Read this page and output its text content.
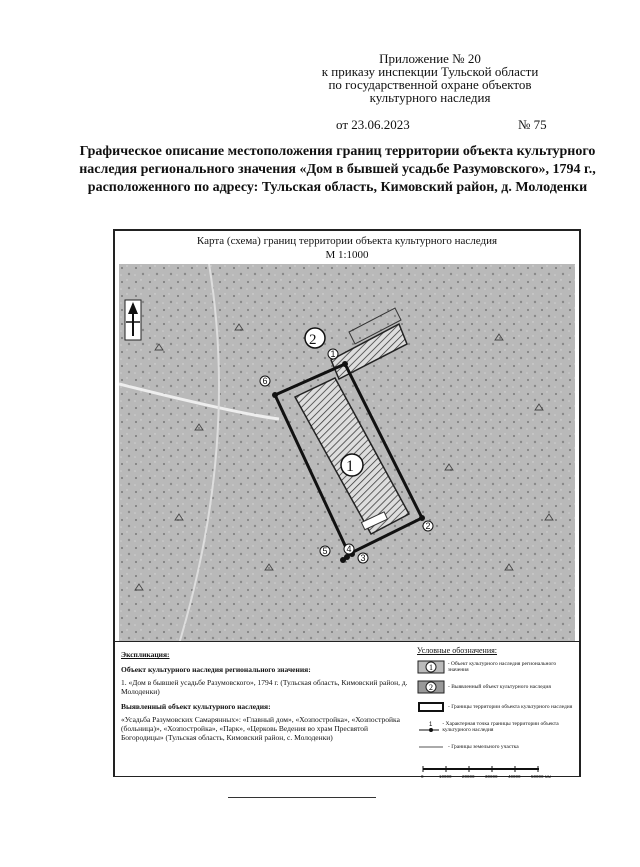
Приложение № 20
к приказу инспекции Тульской области
по государственной охране объектов
культурного наследия
от 23.06.2023	№ 75
Графическое описание местоположения границ территории объекта культурного наследия регионального значения «Дом в бывшей усадьбе Разумовского», 1794 г., расположенного по адресу: Тульская область, Кимовский район, д. Молоденки
Карта (схема) границ территории объекта культурного наследия
М 1:1000
1
2
3
4
5
6
1
2
Экспликация:
Объект культурного наследия регионального значения:

1. «Дом в бывшей усадьбе Разумовского», 1794 г. (Тульская область, Кимовский район, д. Молоденки)

Выявленный объект культурного наследия:

«Усадьба Разумовских Самарянных»: «Главный дом», «Хозпостройка», «Хозпостройка (больница)», «Хозпостройка», «Парк», «Церковь Ведения во храм Пресвятой Богородицы» (Тульская область, Кимовский район, с. Молоденки)

Условные обозначения:
1	- Объект культурного наследия регионального значения
2	- Выявленный объект культурного наследия
- Границы территории объекта культурного наследия
1 - Характерная точка границы территории объекта культурного наследия
- Границы земельного участка
0	10000 20000 30000 40000 50000 мм
